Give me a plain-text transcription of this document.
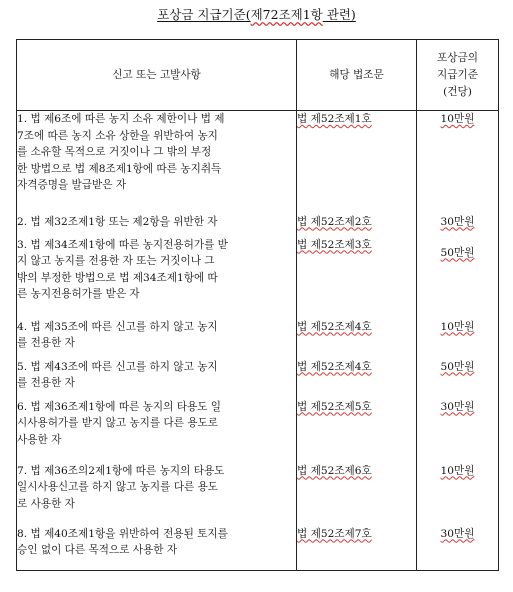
포상금 지급기준(제72조제1항 관련)
신고 또는 고발사항	해당 법조문	포상금의
지급기준
(건당)

1. 법 제6조에 따른 농지 소유 제한이나 법 제
7조에 따른 농지 소유 상한을 위반하여 농지
를 소유할 목적으로 거짓이나 그 밖의 부정
한 방법으로 법 제8조제1항에 따른 농지취득
자격증명을 발급받은 자	법 제52조제1호	10만원

2. 법 제32조제1항 또는 제2항을 위반한 자	법 제52조제2호	30만원

3. 법 제34조제1항에 따른 농지전용허가를 받
지 않고 농지를 전용한 자 또는 거짓이나 그
밖의 부정한 방법으로 법 제34조제1항에 따
른 농지전용허가를 받은 자	법 제52조제3호	50만원

4. 법 제35조에 따른 신고를 하지 않고 농지
를 전용한 자	법 제52조제4호	10만원

5. 법 제43조에 따른 신고를 하지 않고 농지
를 전용한 자	법 제52조제4호	50만원

6. 법 제36조제1항에 따른 농지의 타용도 일
시사용허가를 받지 않고 농지를 다른 용도로
사용한 자	법 제52조제5호	30만원

7. 법 제36조의2제1항에 따른 농지의 타용도
일시사용신고를 하지 않고 농지를 다른 용도
로 사용한 자	법 제52조제6호	10만원

8. 법 제40조제1항을 위반하여 전용된 토지를
승인 없이 다른 목적으로 사용한 자	법 제52조제7호	30만원
